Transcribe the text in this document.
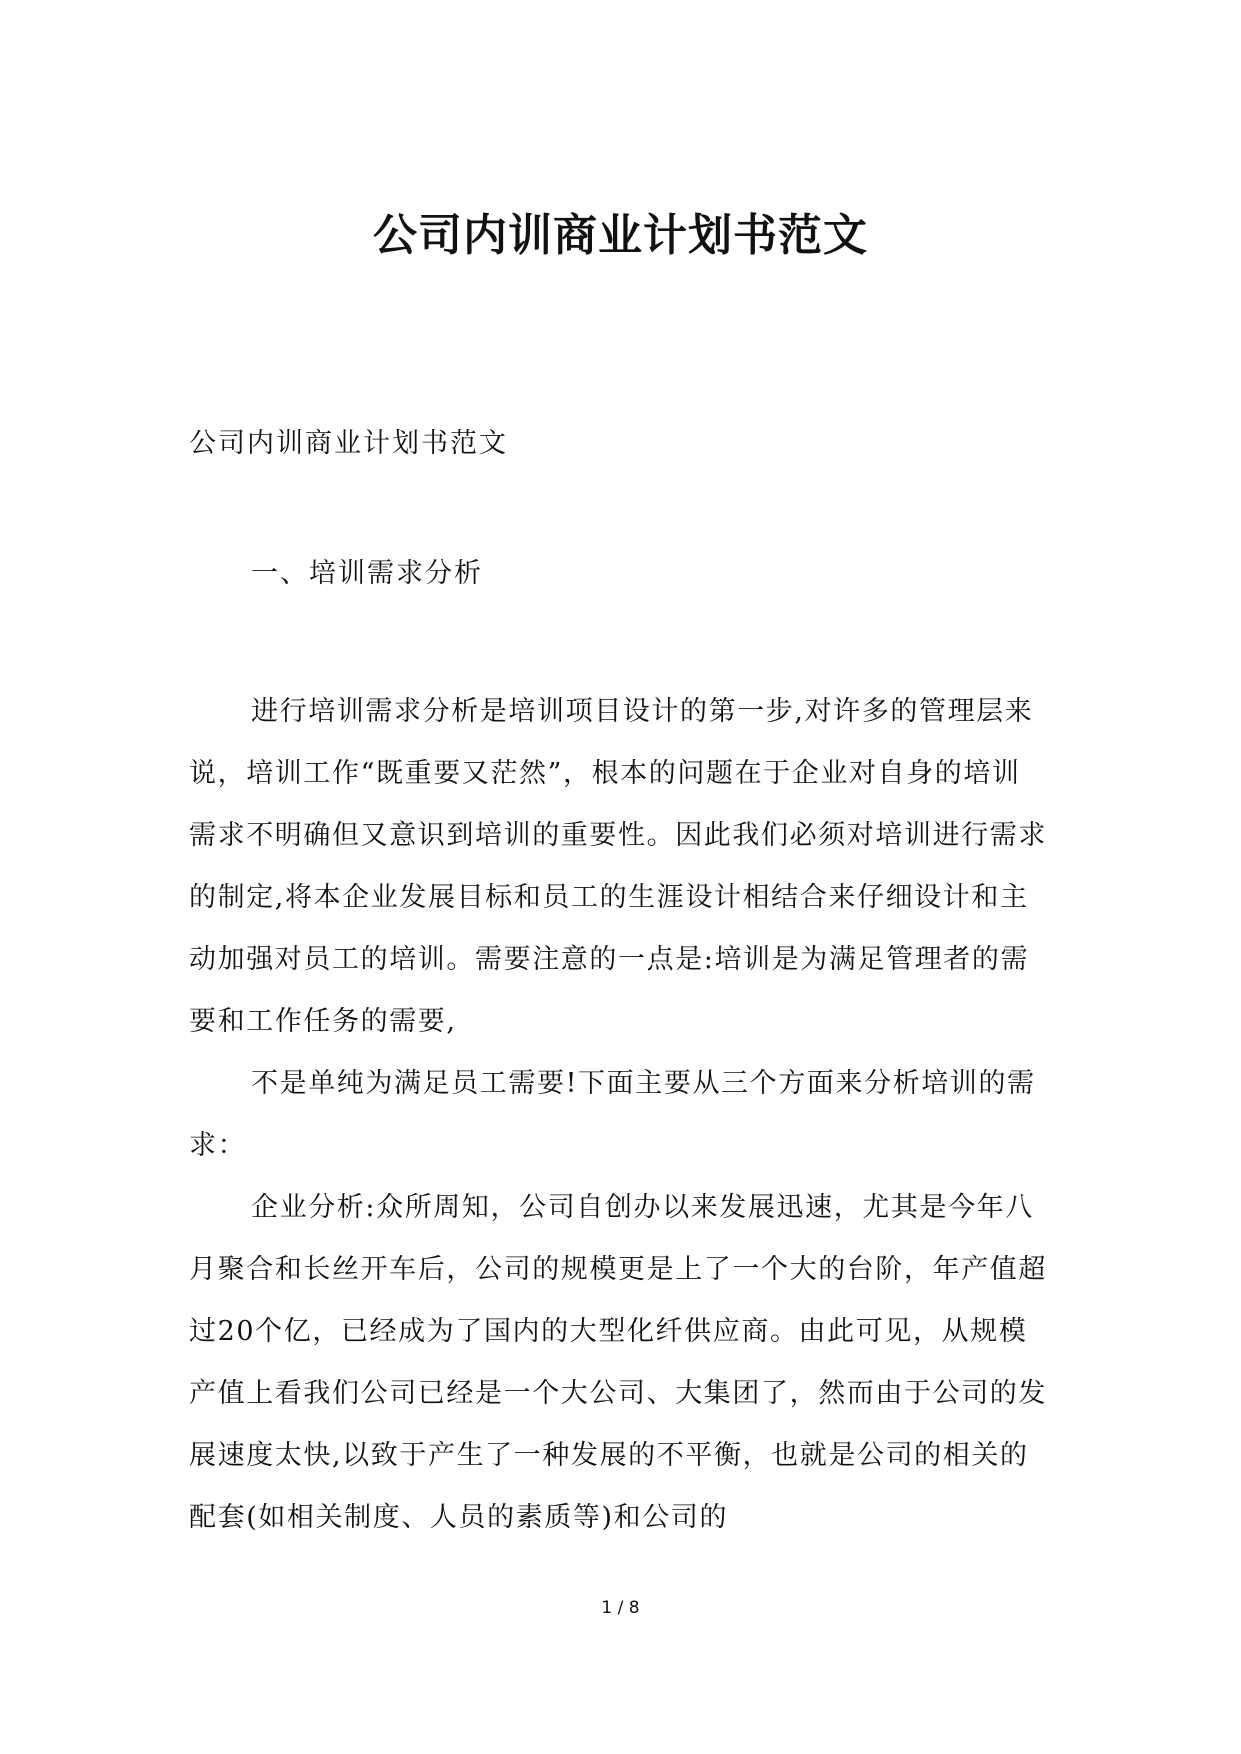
公司内训商业计划书范文

公司内训商业计划书范文

一、培训需求分析

进行培训需求分析是培训项目设计的第一步,对许多的管理层来说，培训工作“既重要又茫然”，根本的问题在于企业对自身的培训需求不明确但又意识到培训的重要性。因此我们必须对培训进行需求的制定,将本企业发展目标和员工的生涯设计相结合来仔细设计和主动加强对员工的培训。需要注意的一点是:培训是为满足管理者的需要和工作任务的需要,

不是单纯为满足员工需要!下面主要从三个方面来分析培训的需求：

企业分析:众所周知，公司自创办以来发展迅速，尤其是今年八月聚合和长丝开车后，公司的规模更是上了一个大的台阶，年产值超过20个亿，已经成为了国内的大型化纤供应商。由此可见，从规模产值上看我们公司已经是一个大公司、大集团了，然而由于公司的发展速度太快,以致于产生了一种发展的不平衡，也就是公司的相关的配套(如相关制度、人员的素质等)和公司的

1 / 8
